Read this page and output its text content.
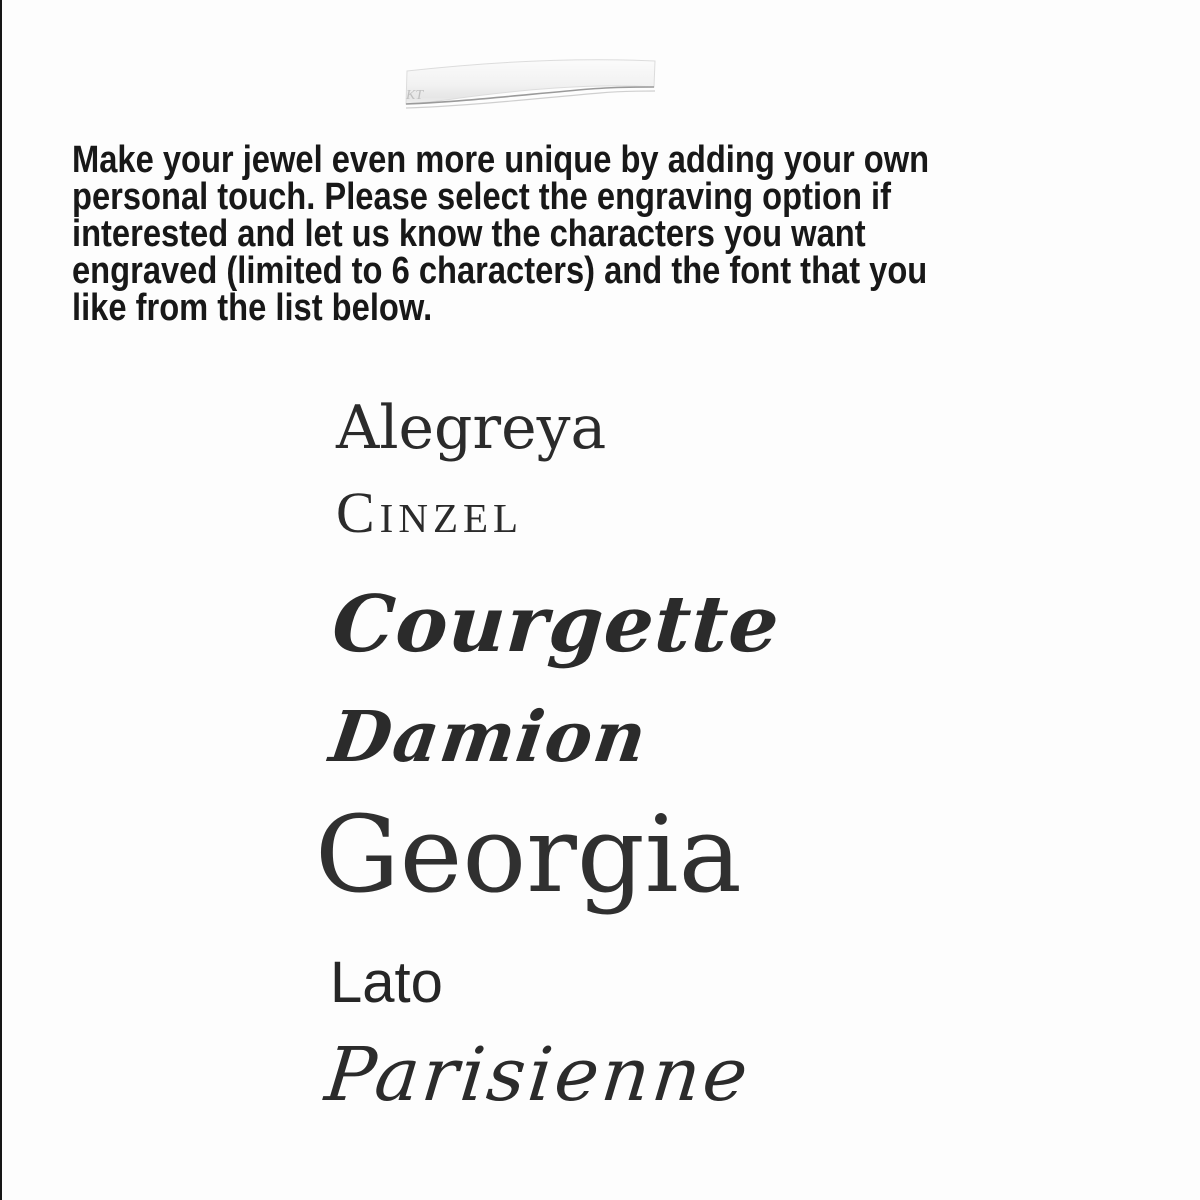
KT
Make your jewel even more unique by adding your own
personal touch. Please select the engraving option if
interested and let us know the characters you want
engraved (limited to 6 characters) and the font that you
like from the list below.
Alegreya
Cinzel
Courgette
Damion
Georgia
Lato
Parisienne
